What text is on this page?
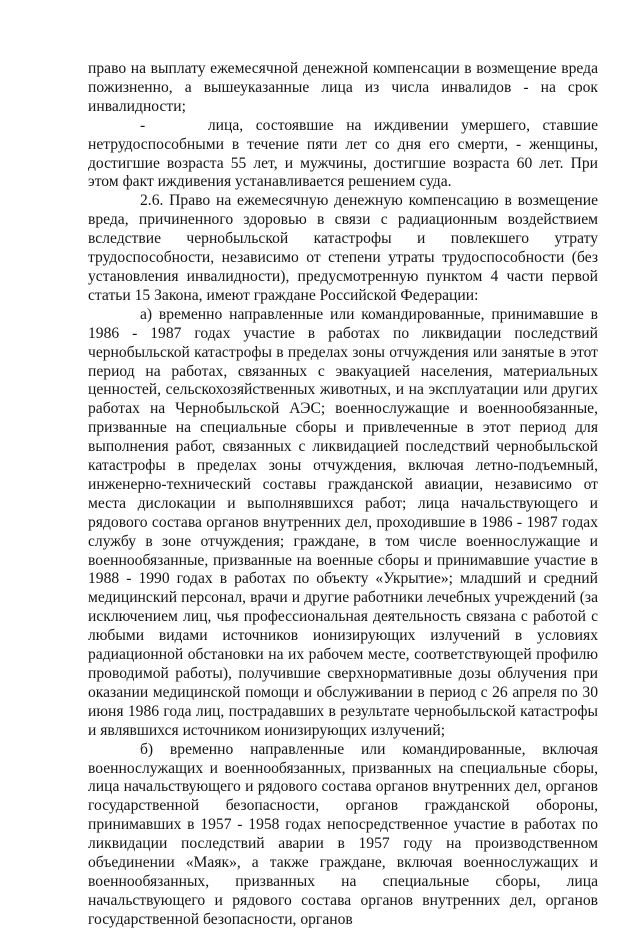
право на выплату ежемесячной денежной компенсации в возмещение вреда пожизненно, а вышеуказанные лица из числа инвалидов - на срок инвалидности;

-     лица, состоявшие на иждивении умершего, ставшие нетрудоспособными в течение пяти лет со дня его смерти, - женщины, достигшие возраста 55 лет, и мужчины, достигшие возраста 60 лет. При этом факт иждивения устанавливается решением суда.

2.6. Право на ежемесячную денежную компенсацию в возмещение вреда, причиненного здоровью в связи с радиационным воздействием вследствие чернобыльской катастрофы и повлекшего утрату трудоспособности, независимо от степени утраты трудоспособности (без установления инвалидности), предусмотренную пунктом 4 части первой статьи 15 Закона, имеют граждане Российской Федерации:

а) временно направленные или командированные, принимавшие в 1986 - 1987 годах участие в работах по ликвидации последствий чернобыльской катастрофы в пределах зоны отчуждения или занятые в этот период на работах, связанных с эвакуацией населения, материальных ценностей, сельскохозяйственных животных, и на эксплуатации или других работах на Чернобыльской АЭС; военнослужащие и военнообязанные, призванные на специальные сборы и привлеченные в этот период для выполнения работ, связанных с ликвидацией последствий чернобыльской катастрофы в пределах зоны отчуждения, включая летно-подъемный, инженерно-технический составы гражданской авиации, независимо от места дислокации и выполнявшихся работ; лица начальствующего и рядового состава органов внутренних дел, проходившие в 1986 - 1987 годах службу в зоне отчуждения; граждане, в том числе военнослужащие и военнообязанные, призванные на военные сборы и принимавшие участие в 1988 - 1990 годах в работах по объекту «Укрытие»; младший и средний медицинский персонал, врачи и другие работники лечебных учреждений (за исключением лиц, чья профессиональная деятельность связана с работой с любыми видами источников ионизирующих излучений в условиях радиационной обстановки на их рабочем месте, соответствующей профилю проводимой работы), получившие сверхнормативные дозы облучения при оказании медицинской помощи и обслуживании в период с 26 апреля по 30 июня 1986 года лиц, пострадавших в результате чернобыльской катастрофы и являвшихся источником ионизирующих излучений;

б) временно направленные или командированные, включая военнослужащих и военнообязанных, призванных на специальные сборы, лица начальствующего и рядового состава органов внутренних дел, органов государственной безопасности, органов гражданской обороны, принимавших в 1957 - 1958 годах непосредственное участие в работах по ликвидации последствий аварии в 1957 году на производственном объединении «Маяк», а также граждане, включая военнослужащих и военнообязанных, призванных на специальные сборы, лица начальствующего и рядового состава органов внутренних дел, органов государственной безопасности, органов
